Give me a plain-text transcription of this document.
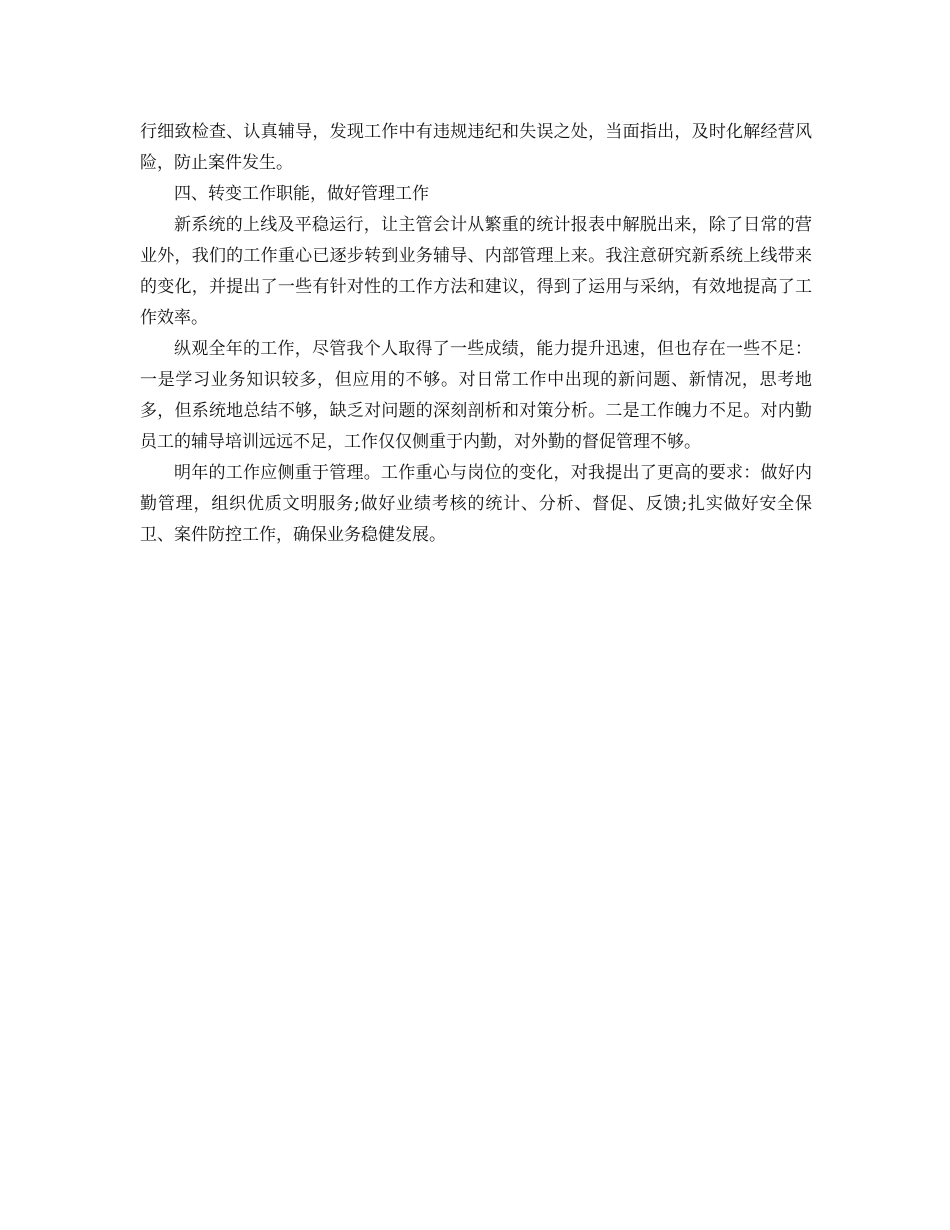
行细致检查、认真辅导，发现工作中有违规违纪和失误之处，当面指出，及时化解经营风险，防止案件发生。

四、转变工作职能，做好管理工作

新系统的上线及平稳运行，让主管会计从繁重的统计报表中解脱出来，除了日常的营业外，我们的工作重心已逐步转到业务辅导、内部管理上来。我注意研究新系统上线带来的变化，并提出了一些有针对性的工作方法和建议，得到了运用与采纳，有效地提高了工作效率。

纵观全年的工作，尽管我个人取得了一些成绩，能力提升迅速，但也存在一些不足：一是学习业务知识较多，但应用的不够。对日常工作中出现的新问题、新情况，思考地多，但系统地总结不够，缺乏对问题的深刻剖析和对策分析。二是工作魄力不足。对内勤员工的辅导培训远远不足，工作仅仅侧重于内勤，对外勤的督促管理不够。

明年的工作应侧重于管理。工作重心与岗位的变化，对我提出了更高的要求：做好内勤管理，组织优质文明服务;做好业绩考核的统计、分析、督促、反馈;扎实做好安全保卫、案件防控工作，确保业务稳健发展。
